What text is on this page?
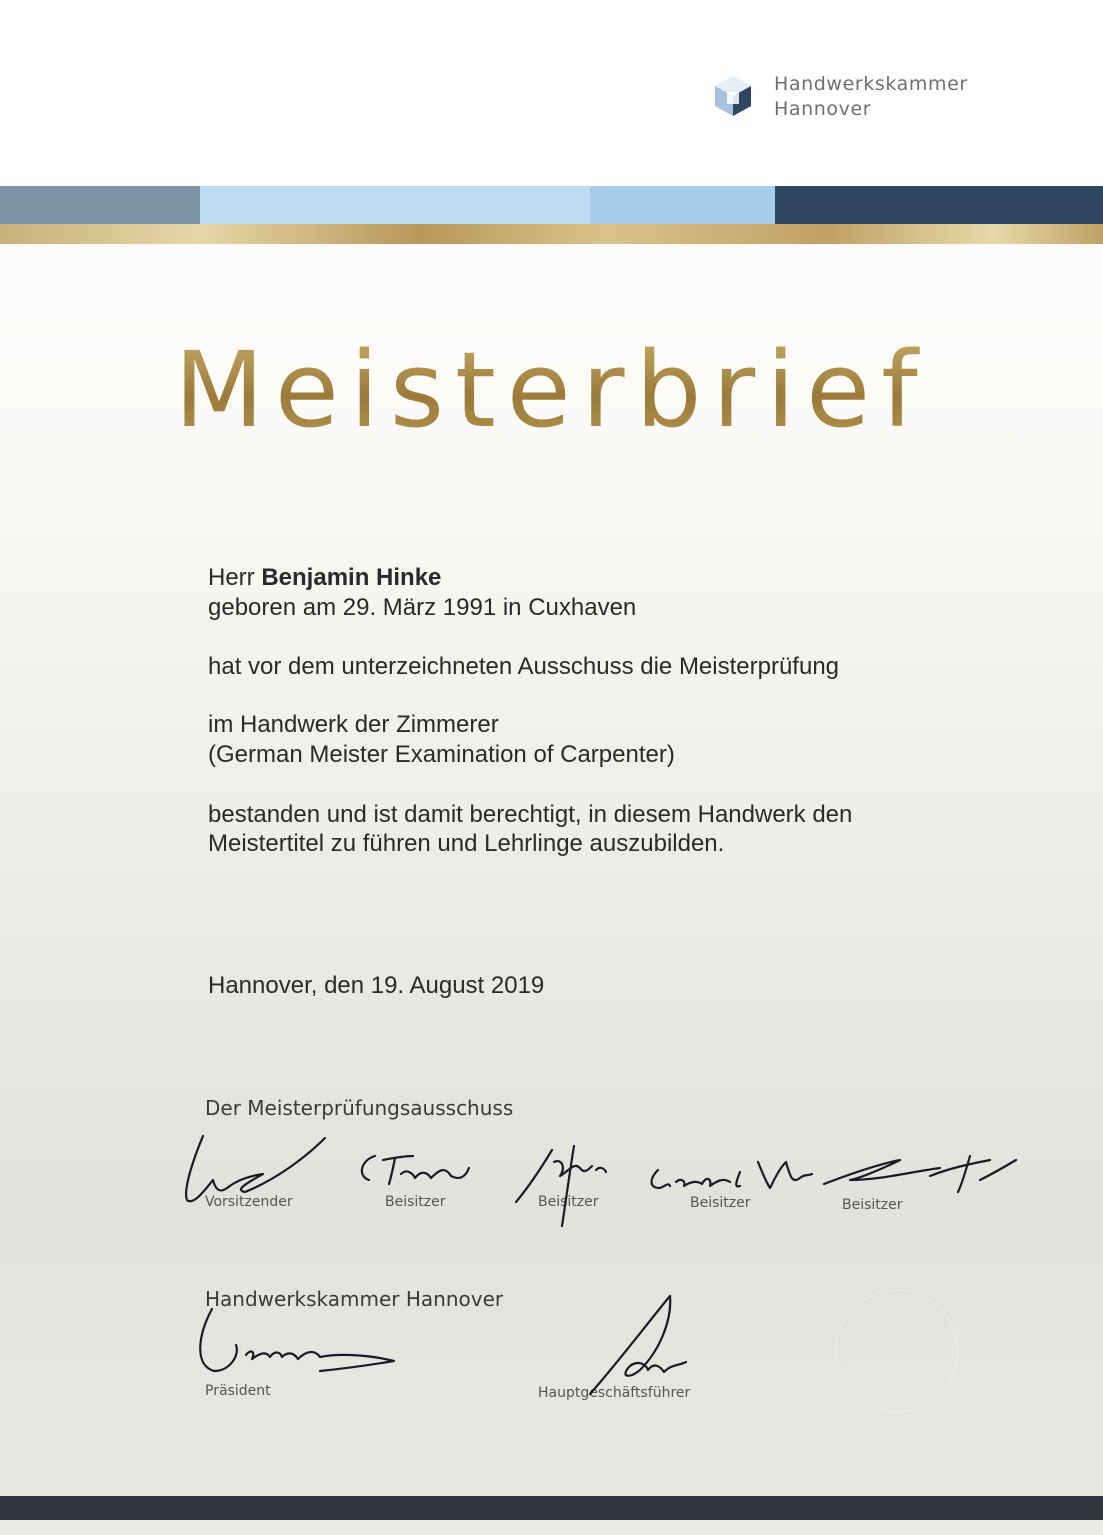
Handwerkskammer
Hannover
Meisterbrief
Herr Benjamin Hinke
geboren am 29. März 1991 in Cuxhaven
hat vor dem unterzeichneten Ausschuss die Meisterprüfung
im Handwerk der Zimmerer
(German Meister Examination of Carpenter)
bestanden und ist damit berechtigt, in diesem Handwerk den
Meistertitel zu führen und Lehrlinge auszubilden.
Hannover, den 19. August 2019
Der Meisterprüfungsausschuss
Vorsitzender	Beisitzer	Beisitzer	Beisitzer	Beisitzer
Handwerkskammer Hannover
Präsident	Hauptgeschäftsführer
